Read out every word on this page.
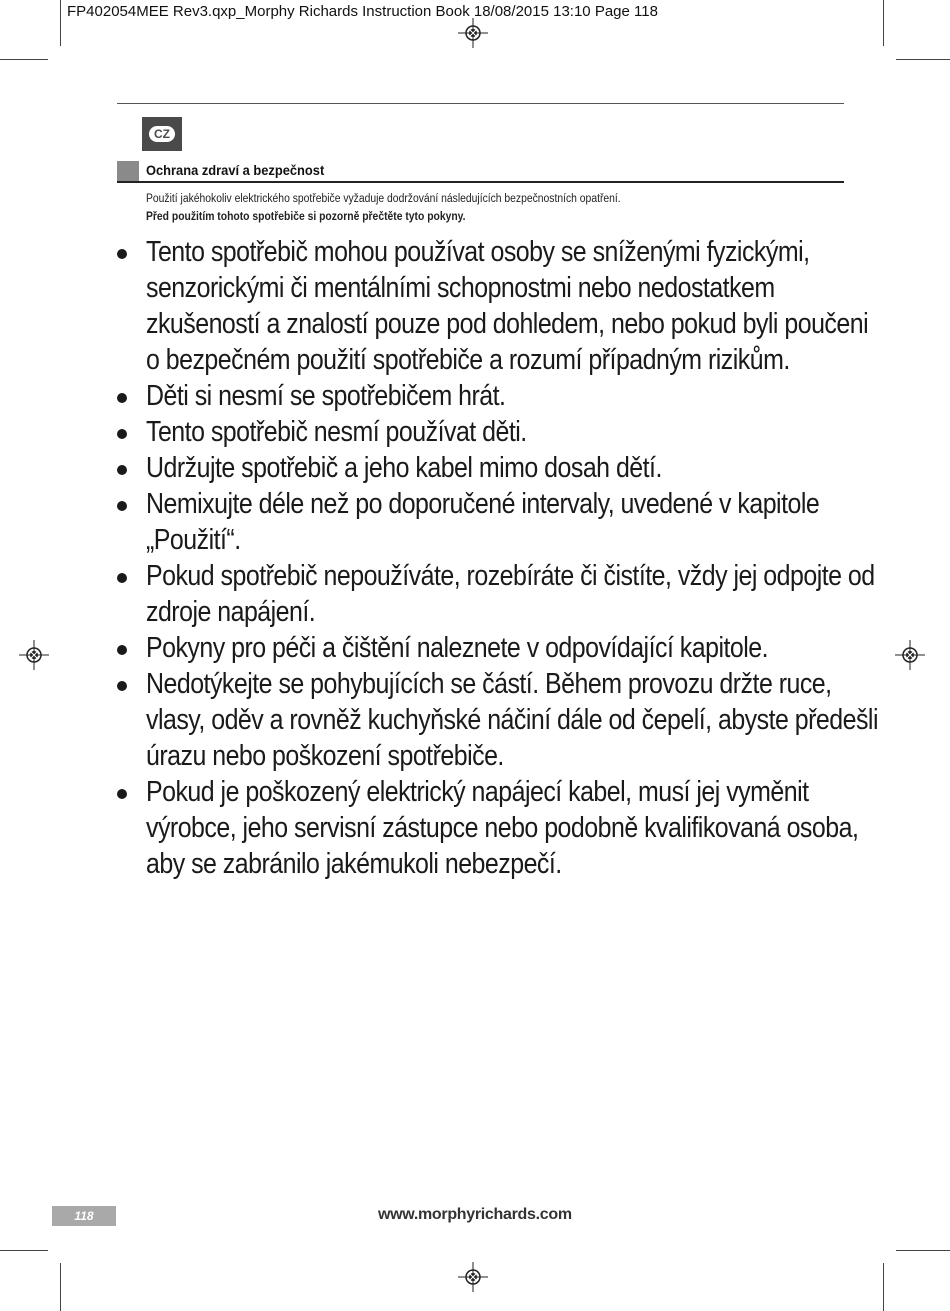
FP402054MEE Rev3.qxp_Morphy Richards Instruction Book 18/08/2015 13:10 Page 118
CZ
Ochrana zdraví a bezpečnost
Použití jakéhokoliv elektrického spotřebiče vyžaduje dodržování následujících bezpečnostních opatření.
Před použitím tohoto spotřebiče si pozorně přečtěte tyto pokyny.
Tento spotřebič mohou používat osoby se sníženými fyzickými, senzorickými či mentálními schopnostmi nebo nedostatkem zkušeností a znalostí pouze pod dohledem, nebo pokud byli poučeni o bezpečném použití spotřebiče a rozumí případným rizikům.
Děti si nesmí se spotřebičem hrát.
Tento spotřebič nesmí používat děti.
Udržujte spotřebič a jeho kabel mimo dosah dětí.
Nemixujte déle než po doporučené intervaly, uvedené v kapitole „Použití“.
Pokud spotřebič nepoužíváte, rozebíráte či čistíte, vždy jej odpojte od zdroje napájení.
Pokyny pro péči a čištění naleznete v odpovídající kapitole.
Nedotýkejte se pohybujících se částí. Během provozu držte ruce, vlasy, oděv a rovněž kuchyňské náčiní dále od čepelí, abyste předešli úrazu nebo poškození spotřebiče.
Pokud je poškozený elektrický napájecí kabel, musí jej vyměnit výrobce, jeho servisní zástupce nebo podobně kvalifikovaná osoba, aby se zabránilo jakémukoli nebezpečí.
118	www.morphyrichards.com
